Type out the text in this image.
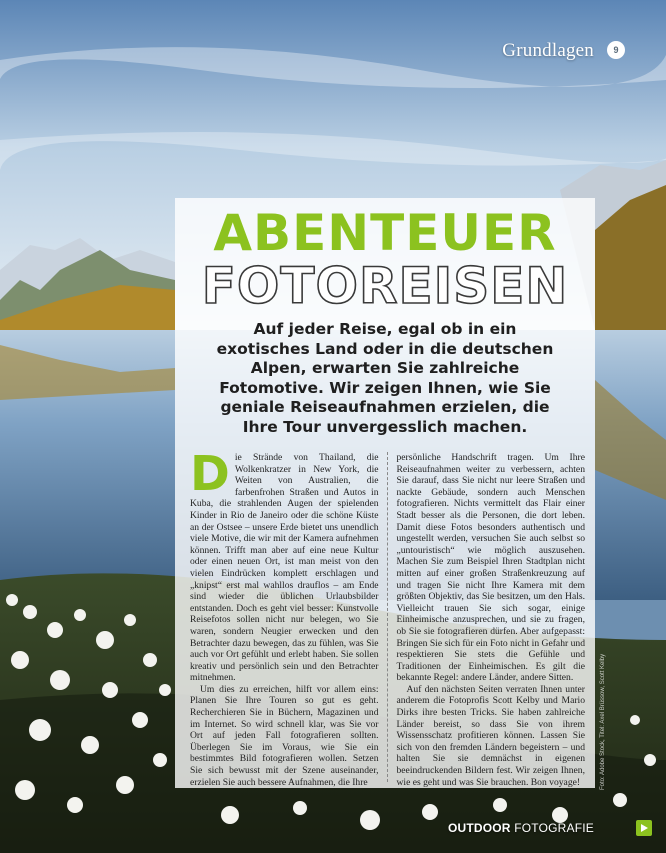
Grundlagen	9
ABENTEUER
FOTOREISEN
Auf jeder Reise, egal ob in ein exotisches Land oder in die deutschen Alpen, erwarten Sie zahlreiche Fotomotive. Wir zeigen Ihnen, wie Sie geniale Reiseaufnahmen erzielen, die Ihre Tour unvergesslich machen.

Die Strände von Thailand, die Wolkenkratzer in New York, die Weiten von Australien, die farbenfrohen Straßen und Autos in Kuba, die strahlenden Augen der spielenden Kinder in Rio de Janeiro oder die schöne Küste an der Ostsee – unsere Erde bietet uns unendlich viele Motive, die wir mit der Kamera aufnehmen können. Trifft man aber auf eine neue Kultur oder einen neuen Ort, ist man meist von den vielen Eindrücken komplett erschlagen und „knipst“ erst mal wahllos drauflos – am Ende sind wieder die üblichen Urlaubsbilder entstanden. Doch es geht viel besser: Kunstvolle Reisefotos sollen nicht nur belegen, wo Sie waren, sondern Neugier erwecken und den Betrachter dazu bewegen, das zu fühlen, was Sie auch vor Ort gefühlt und erlebt haben. Sie sollen kreativ und persönlich sein und den Betrachter mitnehmen.

Um dies zu erreichen, hilft vor allem eins: Planen Sie Ihre Touren so gut es geht. Recherchieren Sie in Büchern, Magazinen und im Internet. So wird schnell klar, was Sie vor Ort auf jeden Fall fotografieren sollten. Überlegen Sie im Voraus, wie Sie ein bestimmtes Bild fotografieren wollen. Setzen Sie sich bewusst mit der Szene auseinander, erzielen Sie auch bessere Aufnahmen, die Ihre

persönliche Handschrift tragen. Um Ihre Reiseaufnahmen weiter zu verbessern, achten Sie darauf, dass Sie nicht nur leere Straßen und nackte Gebäude, sondern auch Menschen fotografieren. Nichts vermittelt das Flair einer Stadt besser als die Personen, die dort leben. Damit diese Fotos besonders authentisch und ungestellt werden, versuchen Sie auch selbst so „untouristisch“ wie möglich auszusehen. Machen Sie zum Beispiel Ihren Stadtplan nicht mitten auf einer großen Straßenkreuzung auf und tragen Sie nicht Ihre Kamera mit dem größten Objektiv, das Sie besitzen, um den Hals. Vielleicht trauen Sie sich sogar, einige Einheimische anzusprechen, und sie zu fragen, ob Sie sie fotografieren dürfen. Aber aufgepasst: Bringen Sie sich für ein Foto nicht in Gefahr und respektieren Sie stets die Gefühle und Traditionen der Einheimischen. Es gilt die bekannte Regel: andere Länder, andere Sitten.

Auf den nächsten Seiten verraten Ihnen unter anderem die Fotoprofis Scott Kelby und Mario Dirks ihre besten Tricks. Sie haben zahlreiche Länder bereist, so dass Sie von ihrem Wissensschatz profitieren können. Lassen Sie sich von den fremden Ländern begeistern – und halten Sie sie demnächst in eigenen beeindruckenden Bildern fest. Wir zeigen Ihnen, wie es geht und was Sie brauchen. Bon voyage!

OUTDOOR FOTOGRAFIE
Foto: Adobe Stock, Titel: Axel Brüssow, Scott Kelby
